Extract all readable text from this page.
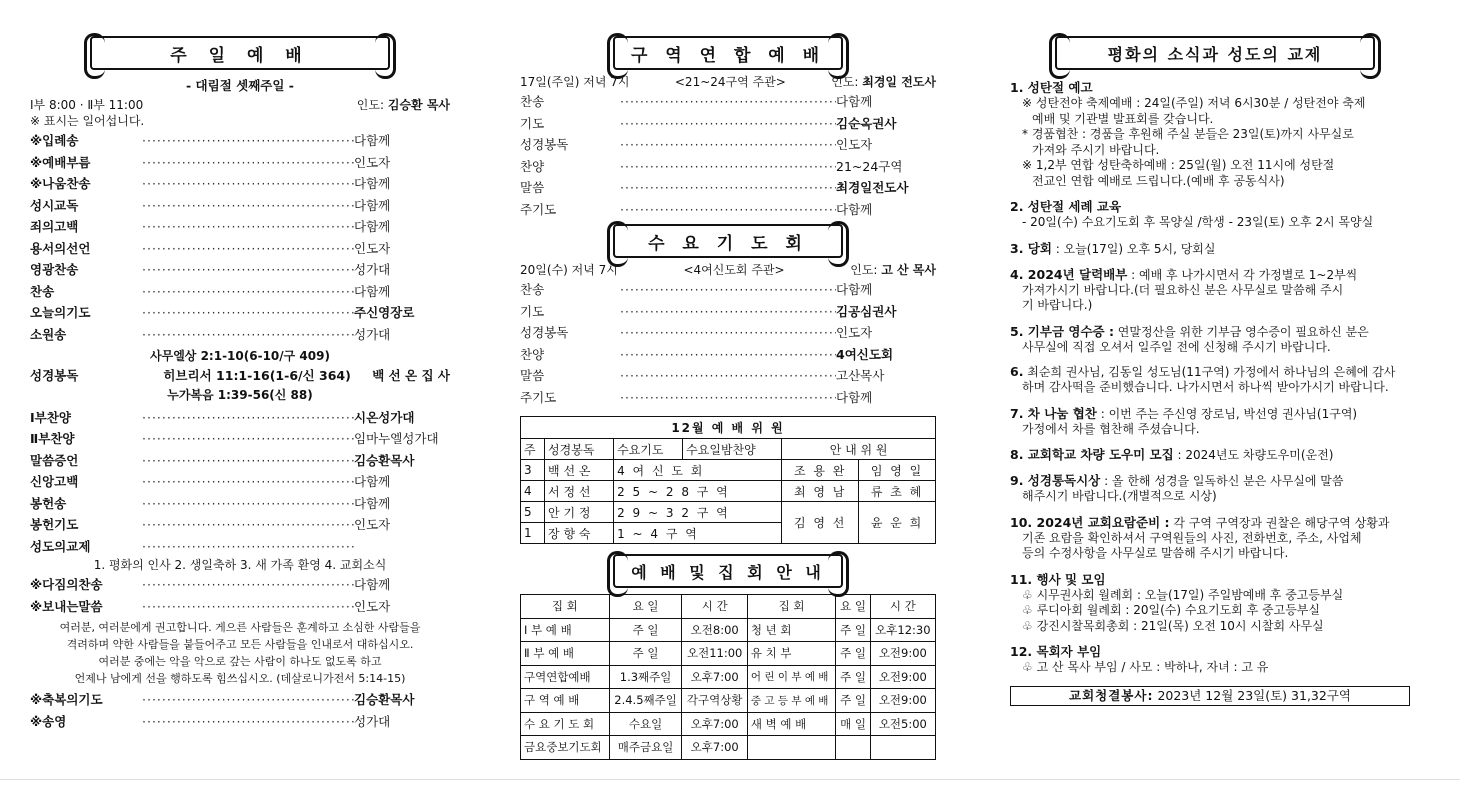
주 일 예 배
- 대림절 셋째주일 -
Ⅰ부 8:00 · Ⅱ부 11:00	인도: 김승환 목사
※ 표시는 일어섭니다.
※입례송 ·····	다함께
※예배부름 ·····	인도자
※나움찬송 ·····	다함께
성시교독 ·····	다함께
죄의고백 ·····	다함께
용서의선언 ·····	인도자
영광찬송 ·····	성가대
찬송 ·····	다함께
오늘의기도 ·····	주신영장로
소원송 ·····	성가대
사무엘상 2:1-10(6-10/구 409)
성경봉독	히브리서 11:1-16(1-6/신 364) 백 선 온 집 사
누가복음 1:39-56(신 88)
Ⅰ부찬양 ·····	시온성가대
Ⅱ부찬양 ·····	임마누엘성가대
말씀증언 ·····	김승환목사
신앙고백 ·····	다함께
봉헌송 ·····	다함께
봉헌기도 ·····	인도자
성도의교제
·····
1. 평화의 인사 2. 생일축하 3. 새 가족 환영 4. 교회소식
※다짐의찬송 ·····	다함께
※보내는말씀 ·····	인도자
여러분, 여러분에게 권고합니다. 게으른 사람들은 훈계하고 소심한 사람들을
격려하며 약한 사람들을 붙들어주고 모든 사람들을 인내로서 대하십시오.
여러분 중에는 악을 악으로 갚는 사람이 하나도 없도록 하고
언제나 남에게 선을 행하도록 힘쓰십시오. (데살로니가전서 5:14-15)
※축복의기도 ·····	김승환목사
※송영 ·····	성가대
구 역 연 합 예 배
17일(주일) 저녁 7시	<21~24구역 주관>	인도: 최경일 전도사
찬송 ·····	다함께
기도 ·····	김순옥권사
성경봉독 ·····	인도자
찬양 ·····	21~24구역
말씀 ·····	최경일전도사
주기도 ·····	다함께
수 요 기 도 회
20일(수) 저녁 7시	<4여신도회 주관>	인도: 고 산 목사
찬송 ·····	다함께
기도 ·····	김공심권사
성경봉독 ·····	인도자
찬양 ·····	4여신도회
말씀 ·····	고산목사
주기도 ·····	다함께
12월 예 배 위 원					
주	성경봉독	수요기도	수요일밤찬양	안 내 위 원	
3	백 선 온	4 여 신 도 회		조 용 완	임 영 일
4	서 정 선	2 5 ~ 2 8 구 역		최 영 남	류 초 혜
5	안 기 정	2 9 ~ 3 2 구 역		김 영 선	윤 운 희
1	장 향 숙	1 ~ 4 구 역			
예 배 및 집 회 안 내
집 회	요 일	시 간	집 회	요 일	시 간
Ⅰ 부 예 배	주 일	오전8:00	청 년 회	주 일	오후12:30
Ⅱ 부 예 배	주 일	오전11:00	유 치 부	주 일	오전9:00
구역연합예배	1.3째주일	오후7:00	어 린 이 부 예 배	주 일	오전9:00
구 역 예 배	2.4.5째주일	각구역상황	중 고 등 부 예 배	주 일	오전9:00
수 요 기 도 회	수요일	오후7:00	새 벽 예 배	매 일	오전5:00
금요중보기도회	매주금요일	오후7:00			
평화의 소식과 성도의 교제
1. 성탄절 예고

※ 성탄전야 축제예배 : 24일(주일) 저녁 6시30분 / 성탄전야 축제

예배 및 기관별 발표회를 갖습니다.

* 경품협찬 : 경품을 후원해 주실 분들은 23일(토)까지 사무실로

가져와 주시기 바랍니다.

※ 1,2부 연합 성탄축하예배 : 25일(월) 오전 11시에 성탄절

전교인 연합 예배로 드립니다.(예배 후 공동식사)

2. 성탄절 세례 교육

- 20일(수) 수요기도회 후 목양실 /학생 - 23일(토) 오후 2시 목양실

3. 당회 : 오늘(17일) 오후 5시, 당회실
4. 2024년 달력배부 : 예배 후 나가시면서 각 가정별로 1~2부씩

가져가시기 바랍니다.(더 필요하신 분은 사무실로 말씀해 주시

기 바랍니다.)

5. 기부금 영수증 : 연말정산을 위한 기부금 영수증이 필요하신 분은

사무실에 직접 오셔서 일주일 전에 신청해 주시기 바랍니다.

6. 최순희 권사님, 김동일 성도님(11구역) 가정에서 하나님의 은혜에 감사

하며 감사떡을 준비했습니다. 나가시면서 하나씩 받아가시기 바랍니다.

7. 차 나눔 협찬 : 이번 주는 주신영 장로님, 박선영 권사님(1구역)

가정에서 차를 협찬해 주셨습니다.

8. 교회학교 차량 도우미 모집 : 2024년도 차량도우미(운전)
9. 성경통독시상 : 올 한해 성경을 일독하신 분은 사무실에 말씀

해주시기 바랍니다.(개별적으로 시상)

10. 2024년 교회요람준비 : 각 구역 구역장과 권찰은 해당구역 상황과

기존 요람을 확인하셔서 구역원들의 사진, 전화번호, 주소, 사업체

등의 수정사항을 사무실로 말씀해 주시기 바랍니다.

11. 행사 및 모임

♧ 시무권사회 월례회 : 오늘(17일) 주일밤예배 후 중고등부실

♧ 루디아회 월례회 : 20일(수) 수요기도회 후 중고등부실

♧ 강진시찰목회총회 : 21일(목) 오전 10시 시찰회 사무실

12. 목회자 부임

♧ 고 산 목사 부임 / 사모 : 박하나, 자녀 : 고 유

교회청결봉사: 2023년 12월 23일(토) 31,32구역
